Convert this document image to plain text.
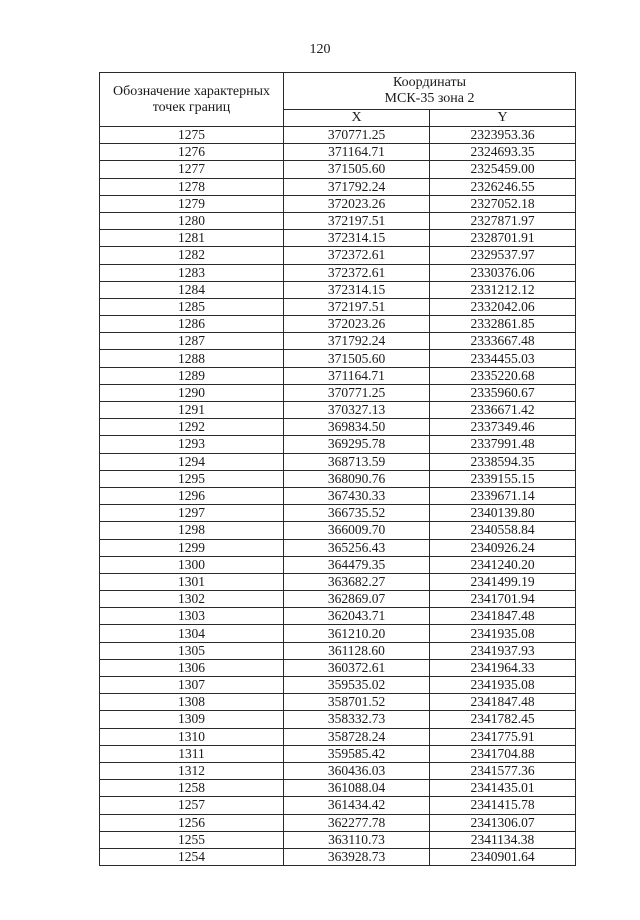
120
Обозначение характерных точек границ	Координаты
МСК-35 зона 2	
	X	Y
1275	370771.25	2323953.36
1276	371164.71	2324693.35
1277	371505.60	2325459.00
1278	371792.24	2326246.55
1279	372023.26	2327052.18
1280	372197.51	2327871.97
1281	372314.15	2328701.91
1282	372372.61	2329537.97
1283	372372.61	2330376.06
1284	372314.15	2331212.12
1285	372197.51	2332042.06
1286	372023.26	2332861.85
1287	371792.24	2333667.48
1288	371505.60	2334455.03
1289	371164.71	2335220.68
1290	370771.25	2335960.67
1291	370327.13	2336671.42
1292	369834.50	2337349.46
1293	369295.78	2337991.48
1294	368713.59	2338594.35
1295	368090.76	2339155.15
1296	367430.33	2339671.14
1297	366735.52	2340139.80
1298	366009.70	2340558.84
1299	365256.43	2340926.24
1300	364479.35	2341240.20
1301	363682.27	2341499.19
1302	362869.07	2341701.94
1303	362043.71	2341847.48
1304	361210.20	2341935.08
1305	361128.60	2341937.93
1306	360372.61	2341964.33
1307	359535.02	2341935.08
1308	358701.52	2341847.48
1309	358332.73	2341782.45
1310	358728.24	2341775.91
1311	359585.42	2341704.88
1312	360436.03	2341577.36
1258	361088.04	2341435.01
1257	361434.42	2341415.78
1256	362277.78	2341306.07
1255	363110.73	2341134.38
1254	363928.73	2340901.64
